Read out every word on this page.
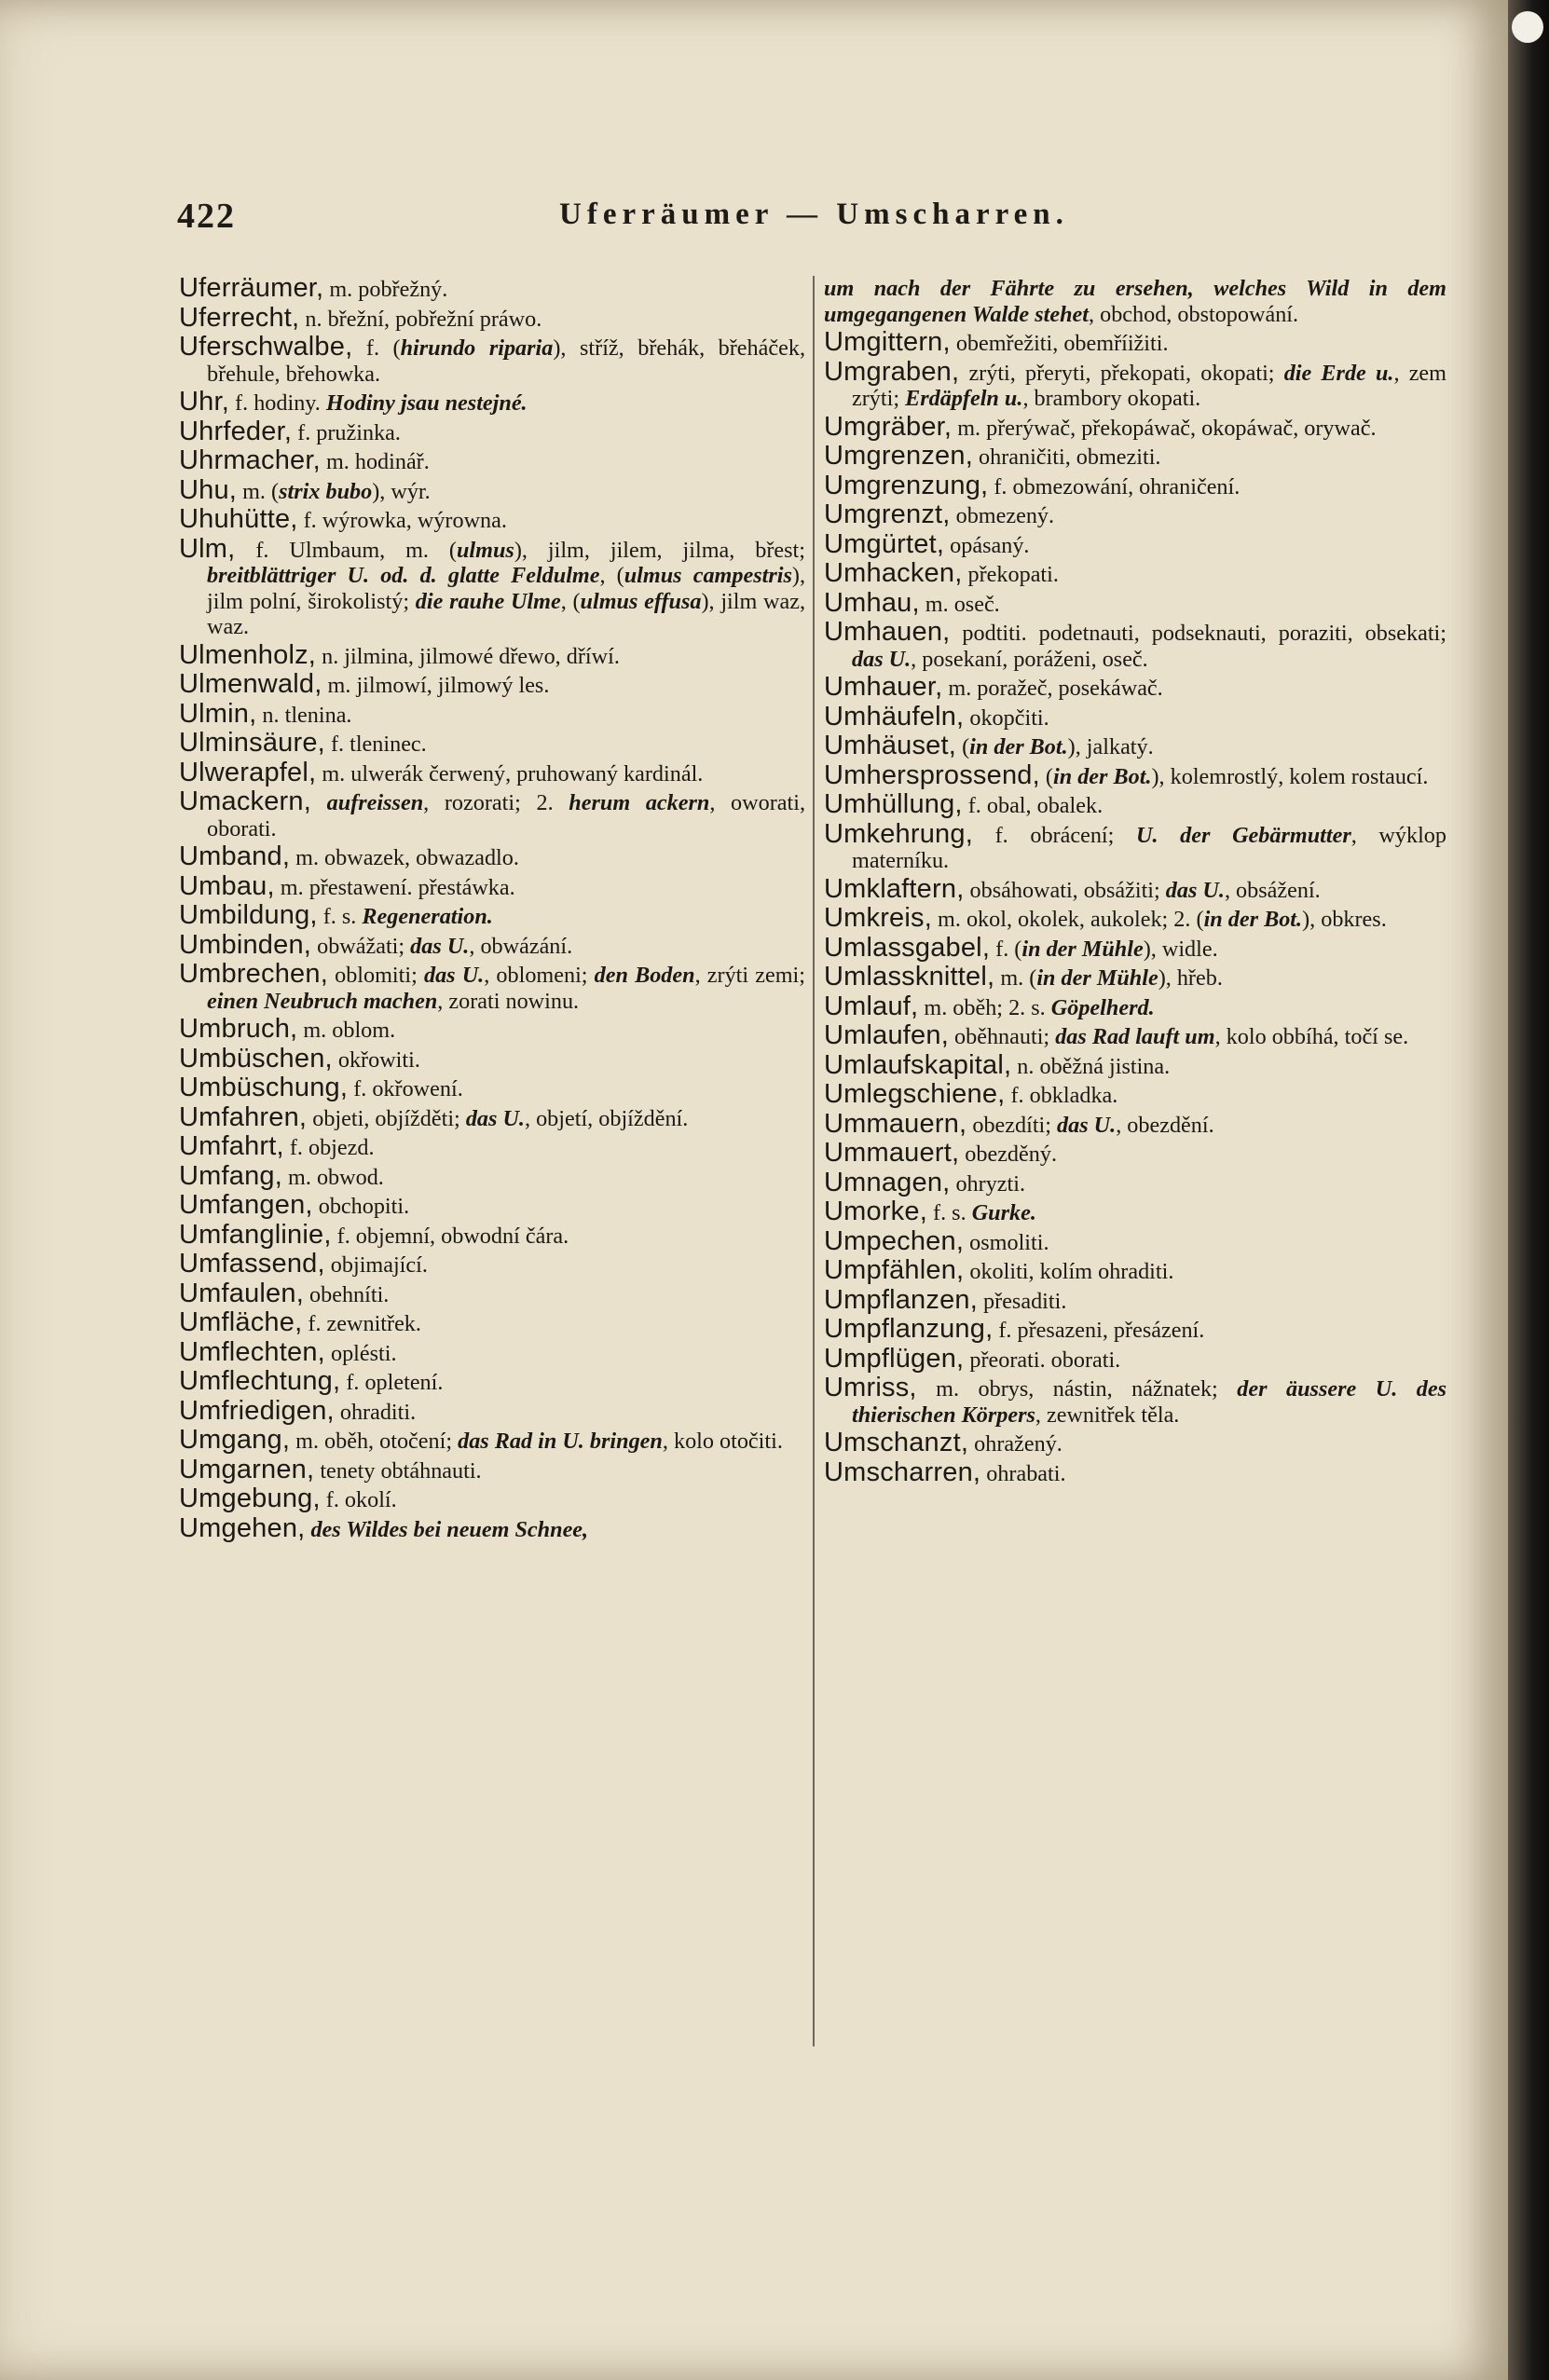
422	Uferräumer — Umscharren.

Uferräumer, m. pobřežný.

Uferrecht, n. břežní, pobřežní práwo.

Uferschwalbe, f. (hirundo riparia), stříž, břehák, břeháček, břehule, břehowka.

Uhr, f. hodiny. Hodiny jsau nestejné.

Uhrfeder, f. pružinka.

Uhrmacher, m. hodinář.

Uhu, m. (strix bubo), wýr.

Uhuhütte, f. wýrowka, wýrowna.

Ulm, f. Ulmbaum, m. (ulmus), jilm, jilem, jilma, břest; breitblättriger U. od. d. glatte Feldulme, (ulmus campestris), jilm polní, širokolistý; die rauhe Ulme, (ulmus effusa), jilm waz, waz.

Ulmenholz, n. jilmina, jilmowé dřewo, dříwí.

Ulmenwald, m. jilmowí, jilmowý les.

Ulmin, n. tlenina.

Ulminsäure, f. tleninec.

Ulwerapfel, m. ulwerák čerwený, pruhowaný kardinál.

Umackern, aufreissen, rozorati; 2. herum ackern, oworati, oborati.

Umband, m. obwazek, obwazadlo.

Umbau, m. přestawení. přestáwka.

Umbildung, f. s. Regeneration.

Umbinden, obwážati; das U., obwázání.

Umbrechen, oblomiti; das U., oblomeni; den Boden, zrýti zemi; einen Neubruch machen, zorati nowinu.

Umbruch, m. oblom.

Umbüschen, okřowiti.

Umbüschung, f. okřowení.

Umfahren, objeti, objížděti; das U., objetí, objíždění.

Umfahrt, f. objezd.

Umfang, m. obwod.

Umfangen, obchopiti.

Umfanglinie, f. objemní, obwodní čára.

Umfassend, objimající.

Umfaulen, obehníti.

Umfläche, f. zewnitřek.

Umflechten, oplésti.

Umflechtung, f. opletení.

Umfriedigen, ohraditi.

Umgang, m. oběh, otočení; das Rad in U. bringen, kolo otočiti.

Umgarnen, tenety obtáhnauti.

Umgebung, f. okolí.

Umgehen, des Wildes bei neuem Schnee,

um nach der Fährte zu ersehen, welches Wild in dem umgegangenen Walde stehet, obchod, obstopowání.

Umgittern, obemřežiti, obemříižiti.

Umgraben, zrýti, přeryti, překopati, okopati; die Erde u., zem zrýti; Erdäpfeln u., brambory okopati.

Umgräber, m. přerýwač, překopáwač, okopáwač, orywač.

Umgrenzen, ohraničiti, obmeziti.

Umgrenzung, f. obmezowání, ohraničení.

Umgrenzt, obmezený.

Umgürtet, opásaný.

Umhacken, překopati.

Umhau, m. oseč.

Umhauen, podtiti. podetnauti, podseknauti, poraziti, obsekati; das U., posekaní, poráženi, oseč.

Umhauer, m. poražeč, posekáwač.

Umhäufeln, okopčiti.

Umhäuset, (in der Bot.), jalkatý.

Umhersprossend, (in der Bot.), kolemrostlý, kolem rostaucí.

Umhüllung, f. obal, obalek.

Umkehrung, f. obrácení; U. der Gebärmutter, wýklop materníku.

Umklaftern, obsáhowati, obsážiti; das U., obsážení.

Umkreis, m. okol, okolek, aukolek; 2. (in der Bot.), obkres.

Umlassgabel, f. (in der Mühle), widle.

Umlassknittel, m. (in der Mühle), hřeb.

Umlauf, m. oběh; 2. s. Göpelherd.

Umlaufen, oběhnauti; das Rad lauft um, kolo obbíhá, točí se.

Umlaufskapital, n. oběžná jistina.

Umlegschiene, f. obkladka.

Ummauern, obezdíti; das U., obezdění.

Ummauert, obezděný.

Umnagen, ohryzti.

Umorke, f. s. Gurke.

Umpechen, osmoliti.

Umpfählen, okoliti, kolím ohraditi.

Umpflanzen, přesaditi.

Umpflanzung, f. přesazeni, přesázení.

Umpflügen, přeorati. oborati.

Umriss, m. obrys, nástin, nážnatek; der äussere U. des thierischen Körpers, zewnitřek těla.

Umschanzt, ohražený.

Umscharren, ohrabati.
